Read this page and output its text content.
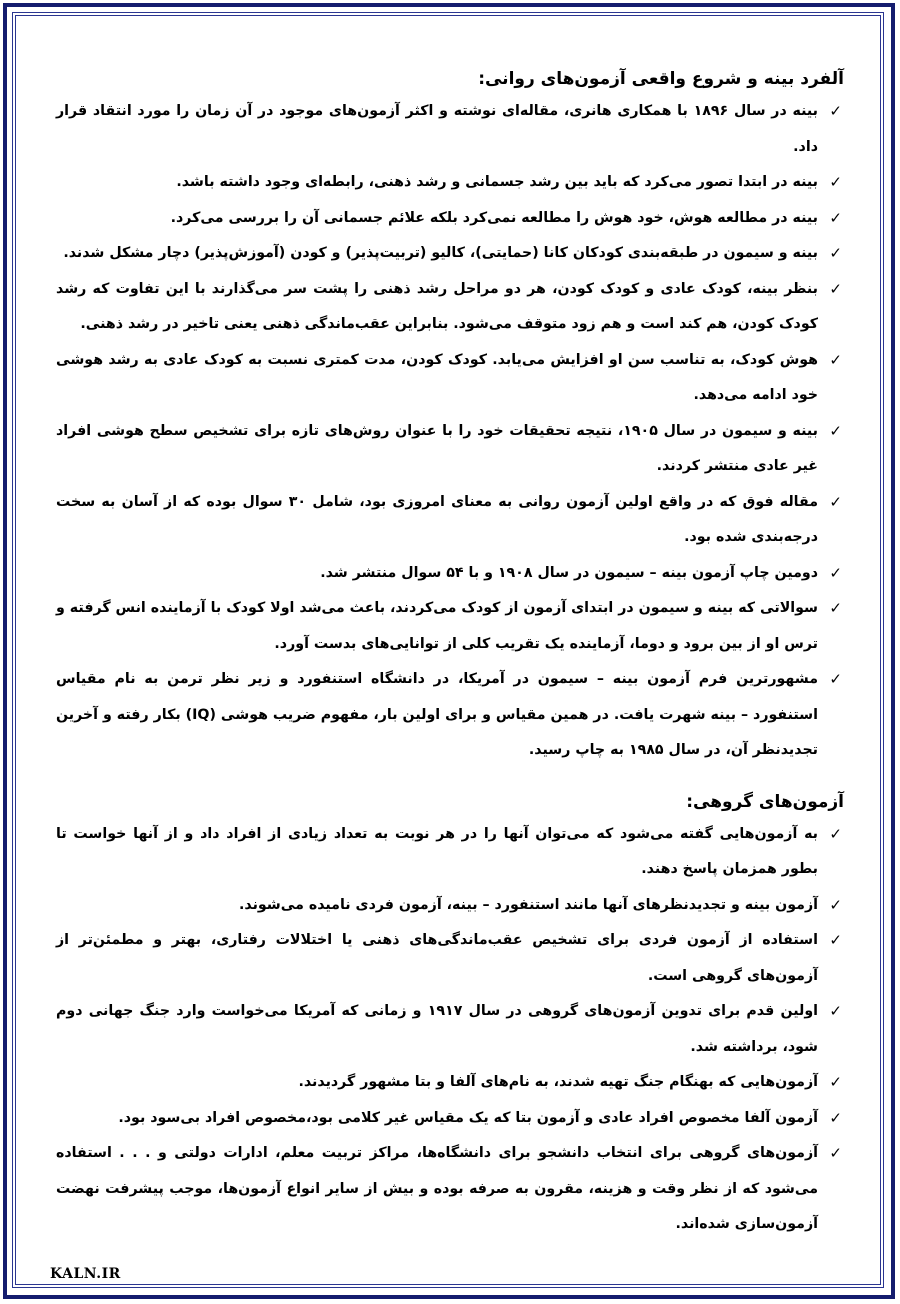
آلفرد بینه و شروع واقعی آزمون‌های روانی:
✓
بینه در سال ۱۸۹۶ با همکاری هانری، مقاله‌ای نوشته و اکثر آزمون‌های موجود در آن زمان را مورد انتقاد قرار داد.
✓
بینه در ابتدا تصور می‌کرد که باید بین رشد جسمانی و رشد ذهنی، رابطه‌ای وجود داشته باشد.
✓
بینه در مطالعه هوش، خود هوش را مطالعه نمی‌کرد بلکه علائم جسمانی آن را بررسی می‌کرد.
✓
بینه و سیمون در طبقه‌بندی کودکان کانا (حمایتی)، کالیو (تربیت‌پذیر) و کودن (آموزش‌پذیر) دچار مشکل شدند.
✓
بنظر بینه، کودک عادی و کودک کودن، هر دو مراحل رشد ذهنی را پشت سر می‌گذارند با این تفاوت که رشد کودک کودن، هم کند است و هم زود متوقف می‌شود. بنابراین عقب‌ماندگی ذهنی یعنی تاخیر در رشد ذهنی.
✓
هوش کودک، به تناسب سن او افزایش می‌یابد. کودک کودن، مدت کمتری نسبت به کودک عادی به رشد هوشی خود ادامه می‌دهد.
✓
بینه و سیمون در سال ۱۹۰۵، نتیجه تحقیقات خود را با عنوان روش‌های تازه برای تشخیص سطح هوشی افراد غیر عادی منتشر کردند.
✓
مقاله فوق که در واقع اولین آزمون روانی به معنای امروزی بود، شامل ۳۰ سوال بوده که از آسان به سخت درجه‌بندی شده بود.
✓
دومین چاپ آزمون بینه – سیمون در سال ۱۹۰۸ و با ۵۴ سوال منتشر شد.
✓
سوالاتی که بینه و سیمون در ابتدای آزمون از کودک می‌کردند، باعث می‌شد اولا کودک با آزماینده انس گرفته و ترس او از بین برود و دوما، آزماینده یک تقریب کلی از توانایی‌های بدست آورد.
✓
مشهورترین فرم آزمون بینه – سیمون در آمریکا، در دانشگاه استنفورد و زیر نظر ترمن به نام مقیاس استنفورد – بینه شهرت یافت. در همین مقیاس و برای اولین بار، مفهوم ضریب هوشی (IQ) بکار رفته و آخرین تجدیدنظر آن، در سال ۱۹۸۵ به چاپ رسید.
آزمون‌های گروهی:
✓
به آزمون‌هایی گفته می‌شود که می‌توان آنها را در هر نوبت به تعداد زیادی از افراد داد و از آنها خواست تا بطور همزمان پاسخ دهند.
✓
آزمون بینه و تجدیدنظرهای آنها مانند استنفورد – بینه، آزمون فردی نامیده می‌شوند.
✓
استفاده از آزمون فردی برای تشخیص عقب‌ماندگی‌های ذهنی یا اختلالات رفتاری، بهتر و مطمئن‌تر از آزمون‌های گروهی است.
✓
اولین قدم برای تدوین آزمون‌های گروهی در سال ۱۹۱۷ و زمانی که آمریکا می‌خواست وارد جنگ جهانی دوم شود، برداشته شد.
✓
آزمون‌هایی که بهنگام جنگ تهیه شدند، به نام‌های آلفا و بتا مشهور گردیدند.
✓
آزمون آلفا مخصوص افراد عادی و آزمون بتا که یک مقیاس غیر کلامی بود،مخصوص افراد بی‌سود بود.
✓
آزمون‌های گروهی برای انتخاب دانشجو برای دانشگاه‌ها، مراکز تربیت معلم، ادارات دولتی و . . . استفاده می‌شود که از نظر وقت و هزینه، مقرون به صرفه بوده و بیش از سایر انواع آزمون‌ها، موجب پیشرفت نهضت آزمون‌سازی شده‌اند.
KALN.IR
